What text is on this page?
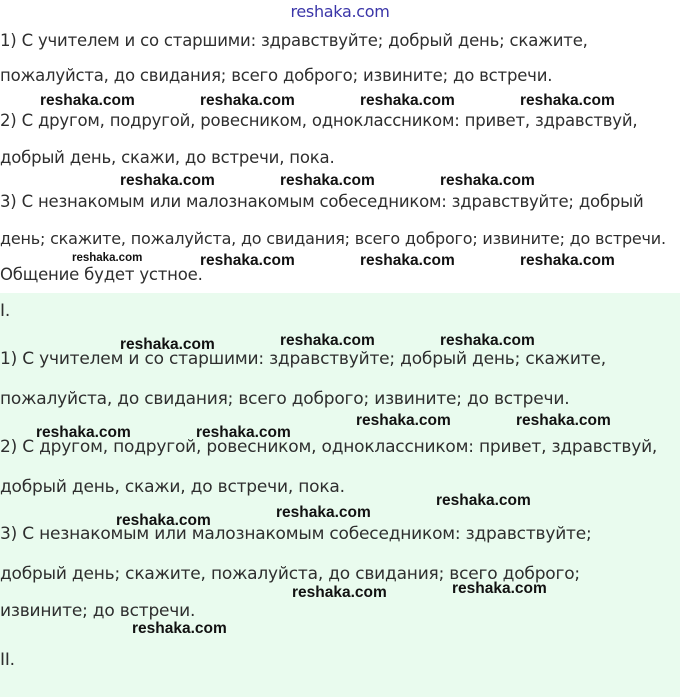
reshaka.com
1) С учителем и со старшими: здравствуйте; добрый день; скажите,
пожалуйста, до свидания; всего доброго; извините; до встречи.
2) С другом, подругой, ровесником, одноклассником: привет, здравствуй,
добрый день, скажи, до встречи, пока.
3) С незнакомым или малознакомым собеседником: здравствуйте; добрый
день; скажите, пожалуйста, до свидания; всего доброго; извините; до встречи.
Общение будет устное.
I.
1) С учителем и со старшими: здравствуйте; добрый день; скажите,
пожалуйста, до свидания; всего доброго; извините; до встречи.
2) С другом, подругой, ровесником, одноклассником: привет, здравствуй,
добрый день, скажи, до встречи, пока.
3) С незнакомым или малознакомым собеседником: здравствуйте;
добрый день; скажите, пожалуйста, до свидания; всего доброго;
извините; до встречи.
II.
reshaka.com	reshaka.com	reshaka.com	reshaka.com
reshaka.com	reshaka.com	reshaka.com
reshaka.com	reshaka.com	reshaka.com	reshaka.com
reshaka.com	reshaka.com	reshaka.com
reshaka.com	reshaka.com
reshaka.com	reshaka.com
reshaka.com
reshaka.com
reshaka.com
reshaka.com
reshaka.com
reshaka.com
